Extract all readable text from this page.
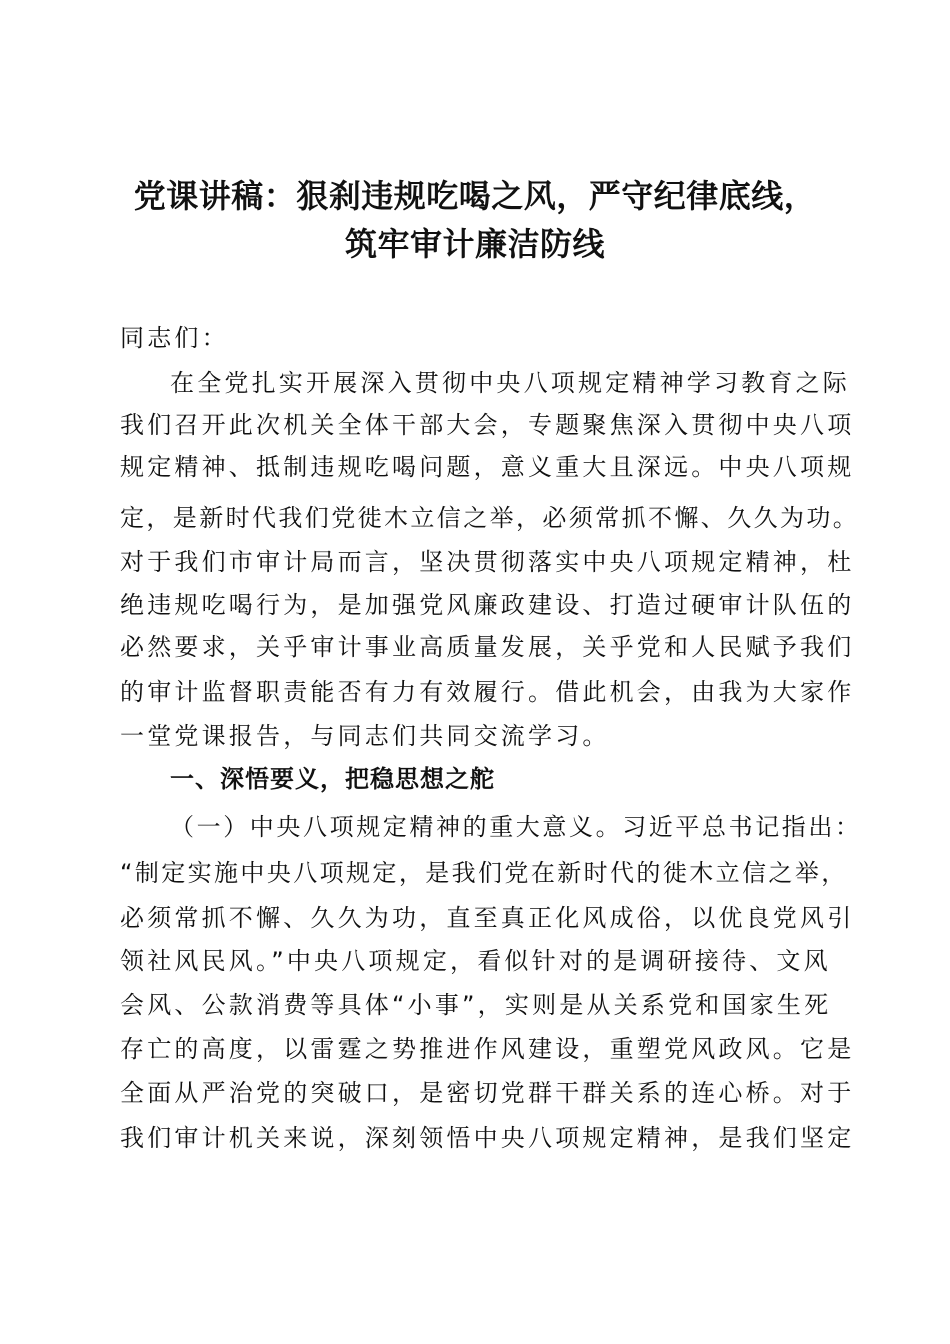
党课讲稿：狠刹违规吃喝之风，严守纪律底线，
筑牢审计廉洁防线
同志们：
在全党扎实开展深入贯彻中央八项规定精神学习教育之际
我们召开此次机关全体干部大会，专题聚焦深入贯彻中央八项
规定精神、抵制违规吃喝问题，意义重大且深远。中央八项规
定，是新时代我们党徙木立信之举，必须常抓不懈、久久为功。
对于我们市审计局而言，坚决贯彻落实中央八项规定精神，杜
绝违规吃喝行为，是加强党风廉政建设、打造过硬审计队伍的
必然要求，关乎审计事业高质量发展，关乎党和人民赋予我们
的审计监督职责能否有力有效履行。借此机会，由我为大家作
一堂党课报告，与同志们共同交流学习。
一、深悟要义，把稳思想之舵
（一）中央八项规定精神的重大意义。习近平总书记指出：
“制定实施中央八项规定，是我们党在新时代的徙木立信之举，
必须常抓不懈、久久为功，直至真正化风成俗，以优良党风引
领社风民风。”中央八项规定，看似针对的是调研接待、文风
会风、公款消费等具体“小事”，实则是从关系党和国家生死
存亡的高度，以雷霆之势推进作风建设，重塑党风政风。它是
全面从严治党的突破口，是密切党群干群关系的连心桥。对于
我们审计机关来说，深刻领悟中央八项规定精神，是我们坚定
